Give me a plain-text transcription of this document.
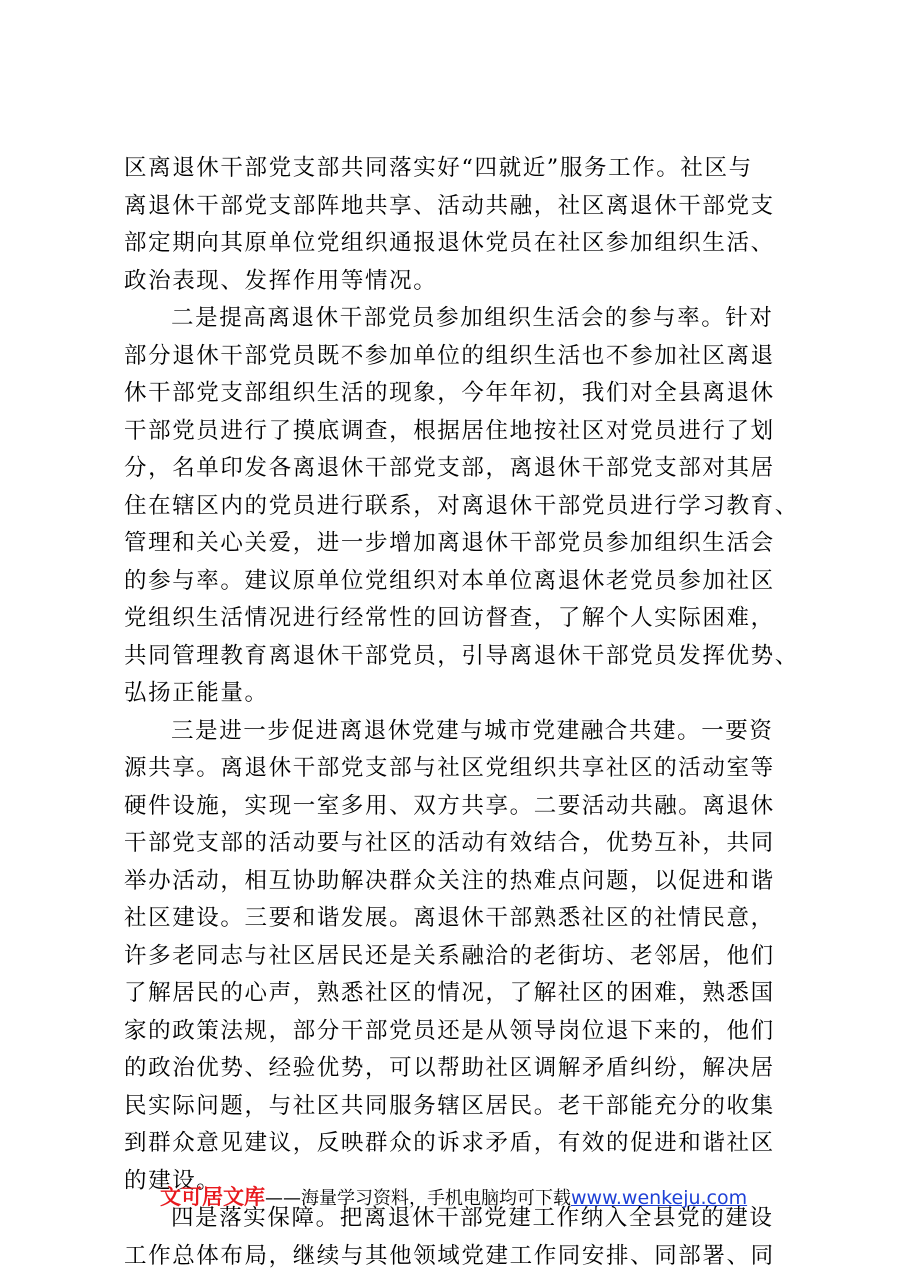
区离退休干部党支部共同落实好“四就近”服务工作。社区与
离退休干部党支部阵地共享、活动共融，社区离退休干部党支
部定期向其原单位党组织通报退休党员在社区参加组织生活、
政治表现、发挥作用等情况。
二是提高离退休干部党员参加组织生活会的参与率。针对
部分退休干部党员既不参加单位的组织生活也不参加社区离退
休干部党支部组织生活的现象，今年年初，我们对全县离退休
干部党员进行了摸底调查，根据居住地按社区对党员进行了划
分，名单印发各离退休干部党支部，离退休干部党支部对其居
住在辖区内的党员进行联系，对离退休干部党员进行学习教育、
管理和关心关爱，进一步增加离退休干部党员参加组织生活会
的参与率。建议原单位党组织对本单位离退休老党员参加社区
党组织生活情况进行经常性的回访督查，了解个人实际困难，
共同管理教育离退休干部党员，引导离退休干部党员发挥优势、
弘扬正能量。
三是进一步促进离退休党建与城市党建融合共建。一要资
源共享。离退休干部党支部与社区党组织共享社区的活动室等
硬件设施，实现一室多用、双方共享。二要活动共融。离退休
干部党支部的活动要与社区的活动有效结合，优势互补，共同
举办活动，相互协助解决群众关注的热难点问题，以促进和谐
社区建设。三要和谐发展。离退休干部熟悉社区的社情民意，
许多老同志与社区居民还是关系融洽的老街坊、老邻居，他们
了解居民的心声，熟悉社区的情况，了解社区的困难，熟悉国
家的政策法规，部分干部党员还是从领导岗位退下来的，他们
的政治优势、经验优势，可以帮助社区调解矛盾纠纷，解决居
民实际问题，与社区共同服务辖区居民。老干部能充分的收集
到群众意见建议，反映群众的诉求矛盾，有效的促进和谐社区
的建设。
四是落实保障。把离退休干部党建工作纳入全县党的建设
工作总体布局，继续与其他领域党建工作同安排、同部署、同
文可居文库——海量学习资料，手机电脑均可下载www.wenkeju.com
